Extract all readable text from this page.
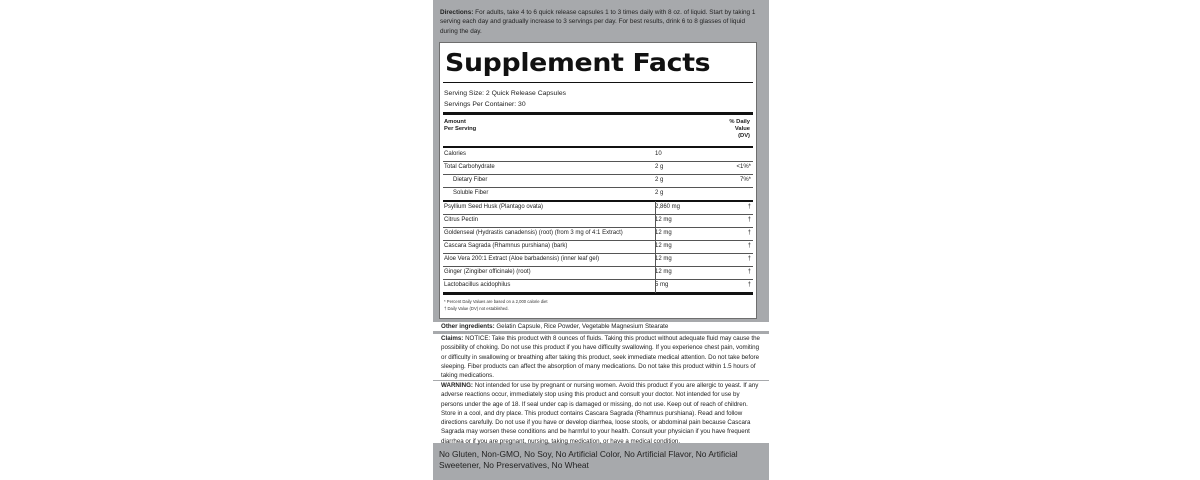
Directions: For adults, take 4 to 6 quick release capsules 1 to 3 times daily with 8 oz. of liquid. Start by taking 1 serving each day and gradually increase to 3 servings per day. For best results, drink 6 to 8 glasses of liquid during the day.
Supplement Facts
Serving Size: 2 Quick Release Capsules
Servings Per Container: 30
Amount
Per Serving
% Daily
Value
(DV)
Calories	10
Total Carbohydrate	2 g	<1%*
Dietary Fiber	2 g	7%*
Soluble Fiber	2 g
Psyllium Seed Husk (Plantago ovata)	2,860 mg	†
Citrus Pectin	12 mg	†
Goldenseal (Hydrastis canadensis) (root) (from 3 mg of 4:1 Extract)	12 mg	†
Cascara Sagrada (Rhamnus purshiana) (bark)	12 mg	†
Aloe Vera 200:1 Extract (Aloe barbadensis) (inner leaf gel)	12 mg	†
Ginger (Zingiber officinale) (root)	12 mg	†
Lactobacillus acidophilus	5 mg	†
* Percent Daily Values are based on a 2,000 calorie diet
† Daily Value (DV) not established.
Other ingredients: Gelatin Capsule, Rice Powder, Vegetable Magnesium Stearate
Claims: NOTICE: Take this product with 8 ounces of fluids. Taking this product without adequate fluid may cause the possibility of choking. Do not use this product if you have difficulty swallowing. If you experience chest pain, vomiting or difficulty in swallowing or breathing after taking this product, seek immediate medical attention. Do not take before sleeping. Fiber products can affect the absorption of many medications. Do not take this product within 1.5 hours of taking medications.
WARNING: Not intended for use by pregnant or nursing women. Avoid this product if you are allergic to yeast. If any adverse reactions occur, immediately stop using this product and consult your doctor. Not intended for use by persons under the age of 18. If seal under cap is damaged or missing, do not use. Keep out of reach of children. Store in a cool, and dry place. This product contains Cascara Sagrada (Rhamnus purshiana). Read and follow directions carefully. Do not use if you have or develop diarrhea, loose stools, or abdominal pain because Cascara Sagrada may worsen these conditions and be harmful to your health. Consult your physician if you have frequent diarrhea or if you are pregnant, nursing, taking medication, or have a medical condition.
No Gluten, Non-GMO, No Soy, No Artificial Color, No Artificial Flavor, No Artificial Sweetener, No Preservatives, No Wheat
